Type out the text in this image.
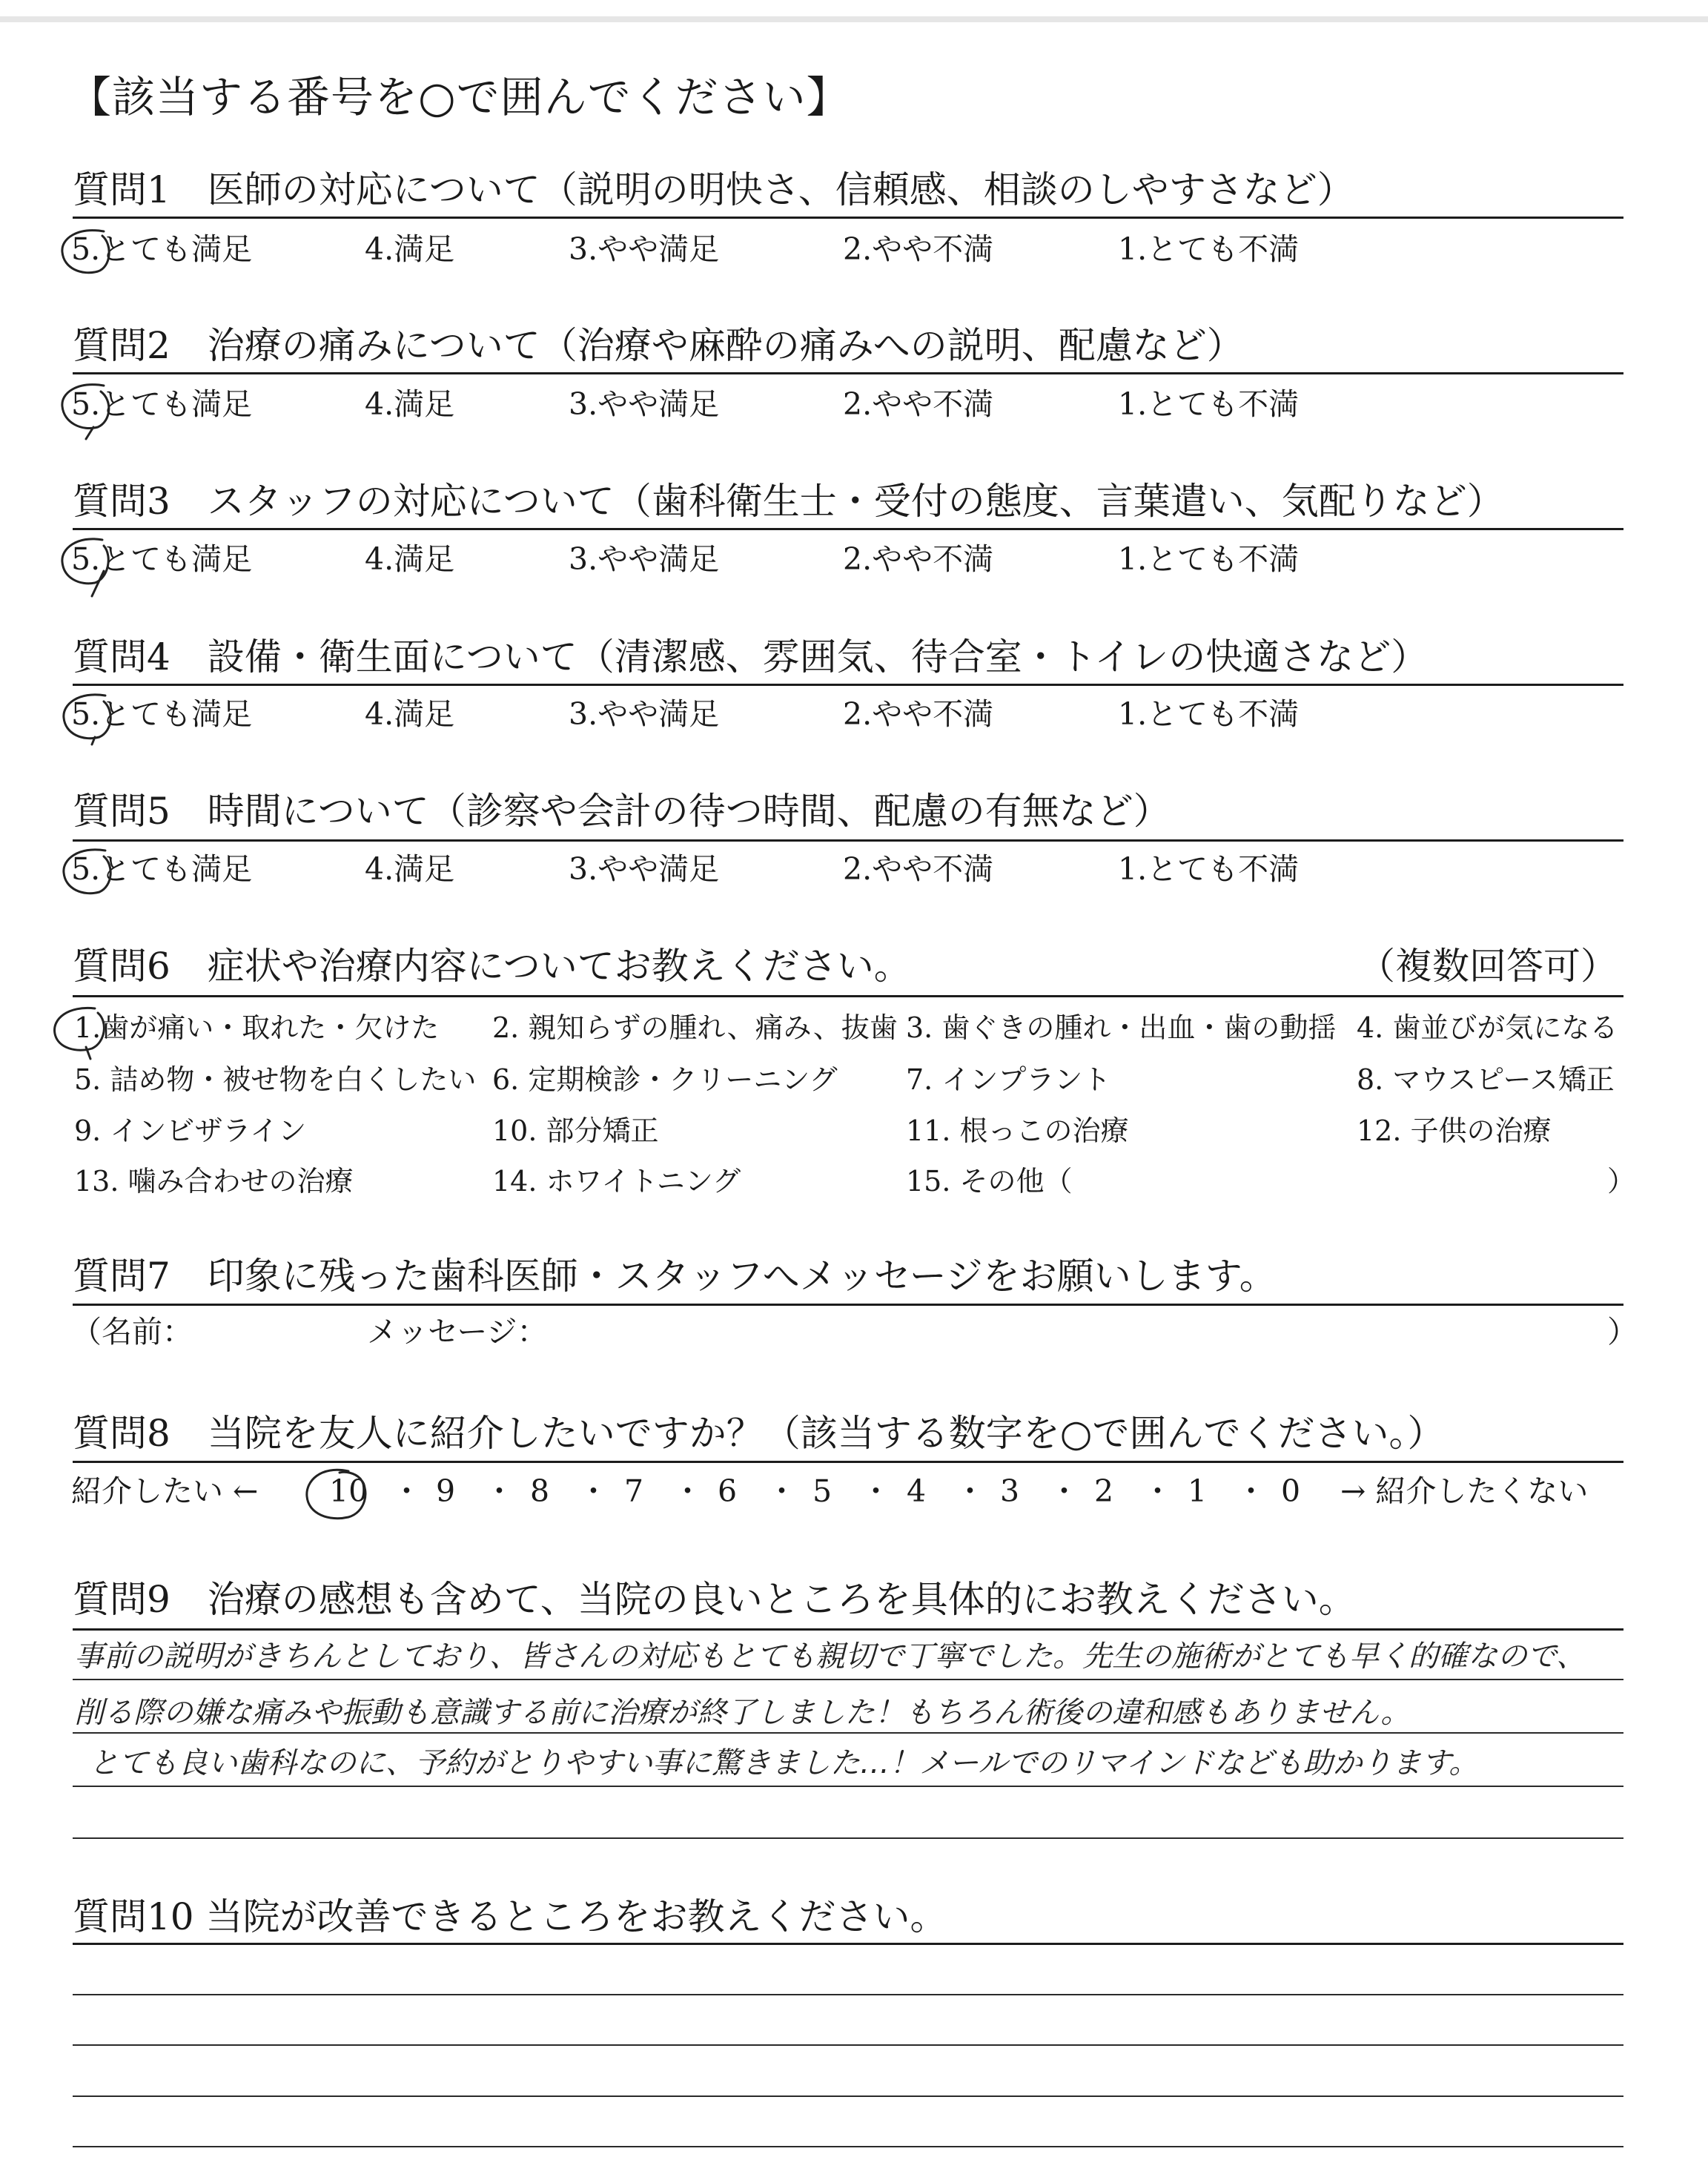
【該当する番号を○で囲んでください】
質問1　医師の対応について（説明の明快さ、信頼感、相談のしやすさなど）
5.とても満足	4.満足	3.やや満足	2.やや不満	1.とても不満
質問2　治療の痛みについて（治療や麻酔の痛みへの説明、配慮など）
5.とても満足	4.満足	3.やや満足	2.やや不満	1.とても不満
質問3　スタッフの対応について（歯科衛生士・受付の態度、言葉遣い、気配りなど）
5.とても満足	4.満足	3.やや満足	2.やや不満	1.とても不満
質問4　設備・衛生面について（清潔感、雰囲気、待合室・トイレの快適さなど）
5.とても満足	4.満足	3.やや満足	2.やや不満	1.とても不満
質問5　時間について（診察や会計の待つ時間、配慮の有無など）
5.とても満足	4.満足	3.やや満足	2.やや不満	1.とても不満
質問6　症状や治療内容についてお教えください。	（複数回答可）
1.歯が痛い・取れた・欠けた 2. 親知らずの腫れ、痛み、抜歯 3. 歯ぐきの腫れ・出血・歯の動揺 4. 歯並びが気になる
5. 詰め物・被せ物を白くしたい 6. 定期検診・クリーニング 7. インプラント	8. マウスピース矯正
9. インビザライン	10. 部分矯正	11. 根っこの治療	12. 子供の治療
13. 噛み合わせの治療	14. ホワイトニング	15. その他（	）
質問7　印象に残った歯科医師・スタッフへメッセージをお願いします。
（名前：	メッセージ：	）
質問8　当院を友人に紹介したいですか？（該当する数字を○で囲んでください。）
紹介したい ← 10 ・ 9 ・ 8 ・ 7 ・ 6 ・ 5 ・ 4 ・ 3 ・ 2 ・ 1 ・ 0 → 紹介したくない
質問9　治療の感想も含めて、当院の良いところを具体的にお教えください。
事前の説明がきちんとしており、皆さんの対応もとても親切で丁寧でした。先生の施術がとても早く的確なので、
削る際の嫌な痛みや振動も意識する前に治療が終了しました！もちろん術後の違和感もありません。
とても良い歯科なのに、予約がとりやすい事に驚きました…！メールでのリマインドなども助かります。
質問10 当院が改善できるところをお教えください。
